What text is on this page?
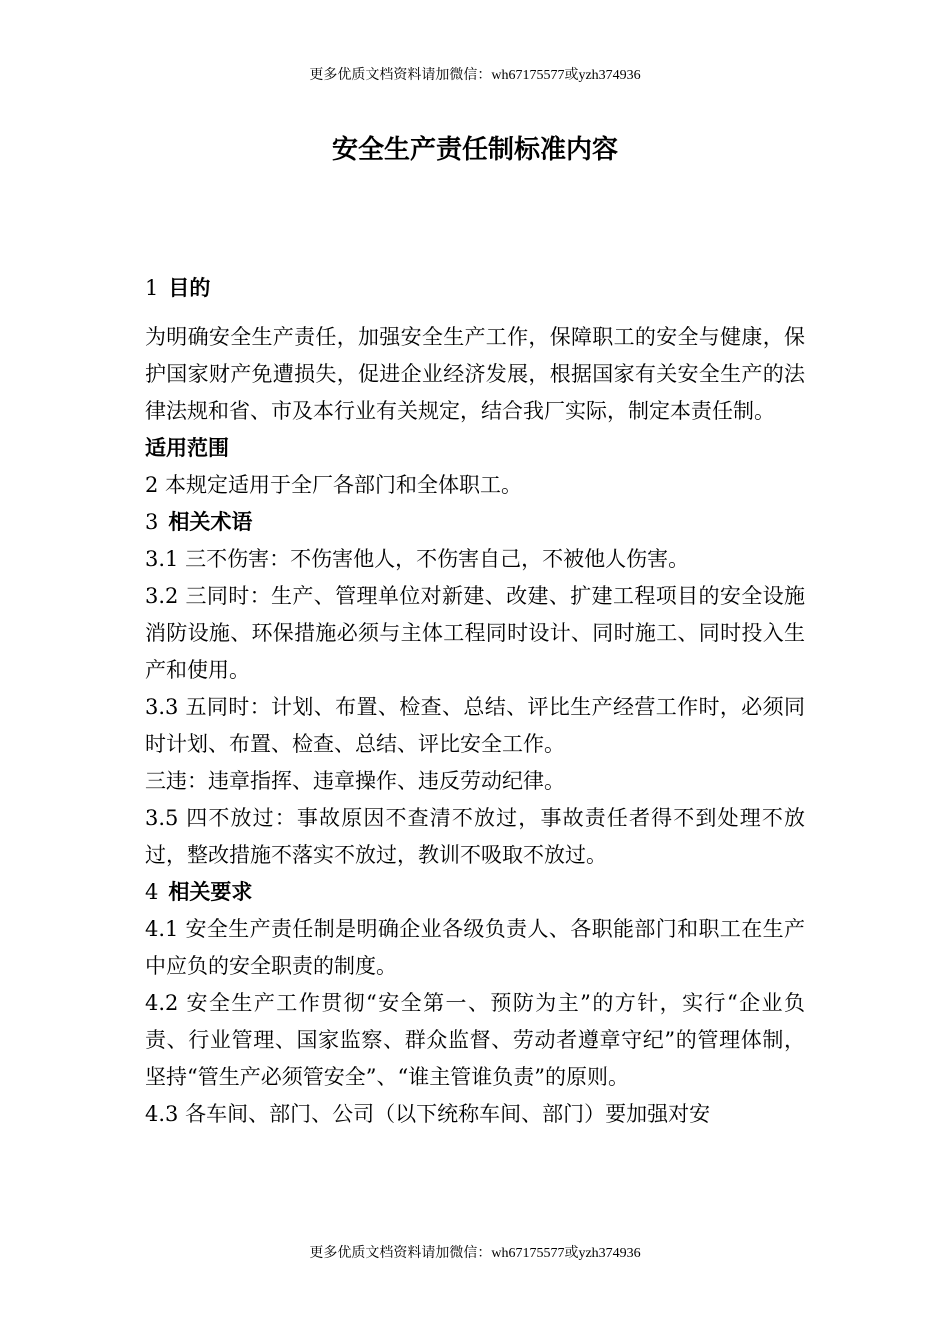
更多优质文档资料请加微信：wh67175577或yzh374936
安全生产责任制标准内容

1 目的

为明确安全生产责任，加强安全生产工作，保障职工的安全与健康，保护国家财产免遭损失，促进企业经济发展，根据国家有关安全生产的法律法规和省、市及本行业有关规定，结合我厂实际，制定本责任制。

适用范围

2 本规定适用于全厂各部门和全体职工。

3 相关术语

3.1 三不伤害：不伤害他人，不伤害自己，不被他人伤害。

3.2 三同时：生产、管理单位对新建、改建、扩建工程项目的安全设施消防设施、环保措施必须与主体工程同时设计、同时施工、同时投入生产和使用。

3.3 五同时：计划、布置、检查、总结、评比生产经营工作时，必须同时计划、布置、检查、总结、评比安全工作。

三违：违章指挥、违章操作、违反劳动纪律。

3.5 四不放过：事故原因不查清不放过，事故责任者得不到处理不放过，整改措施不落实不放过，教训不吸取不放过。

4 相关要求

4.1 安全生产责任制是明确企业各级负责人、各职能部门和职工在生产中应负的安全职责的制度。

4.2 安全生产工作贯彻“安全第一、预防为主”的方针，实行“企业负责、行业管理、国家监察、群众监督、劳动者遵章守纪”的管理体制，坚持“管生产必须管安全”、“谁主管谁负责”的原则。

4.3 各车间、部门、公司（以下统称车间、部门）要加强对安

更多优质文档资料请加微信：wh67175577或yzh374936
